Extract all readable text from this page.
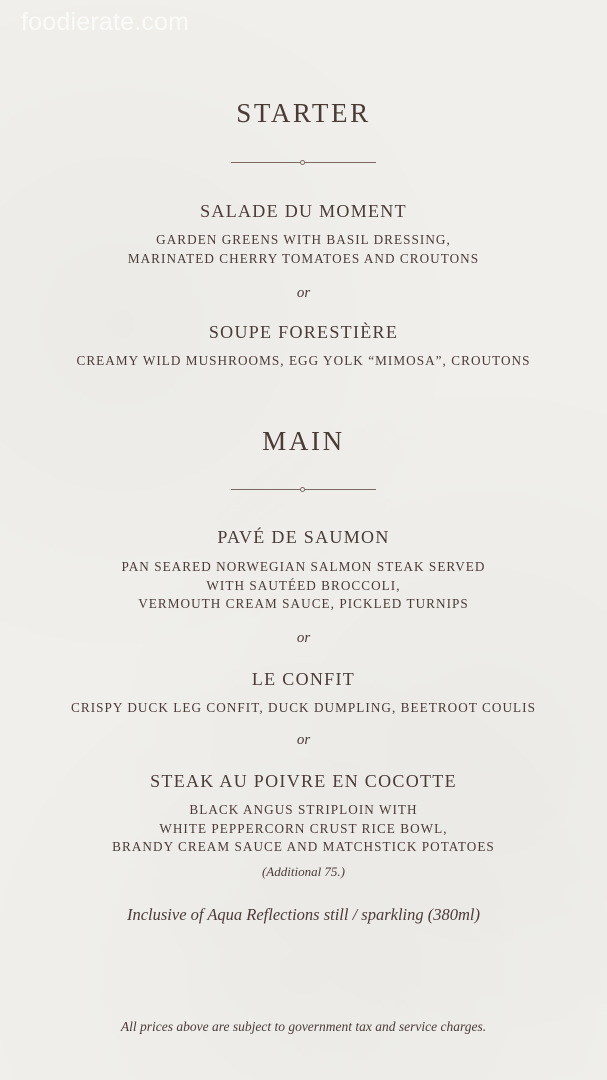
foodierate.com
STARTER
SALADE DU MOMENT
GARDEN GREENS WITH BASIL DRESSING,
MARINATED CHERRY TOMATOES AND CROUTONS
or
SOUPE FORESTIÈRE
CREAMY WILD MUSHROOMS, EGG YOLK “MIMOSA”, CROUTONS
MAIN
PAVÉ DE SAUMON
PAN SEARED NORWEGIAN SALMON STEAK SERVED
WITH SAUTÉED BROCCOLI,
VERMOUTH CREAM SAUCE, PICKLED TURNIPS
or
LE CONFIT
CRISPY DUCK LEG CONFIT, DUCK DUMPLING, BEETROOT COULIS
or
STEAK AU POIVRE EN COCOTTE
BLACK ANGUS STRIPLOIN WITH
WHITE PEPPERCORN CRUST RICE BOWL,
BRANDY CREAM SAUCE AND MATCHSTICK POTATOES
(Additional 75.)
Inclusive of Aqua Reflections still / sparkling (380ml)
All prices above are subject to government tax and service charges.
